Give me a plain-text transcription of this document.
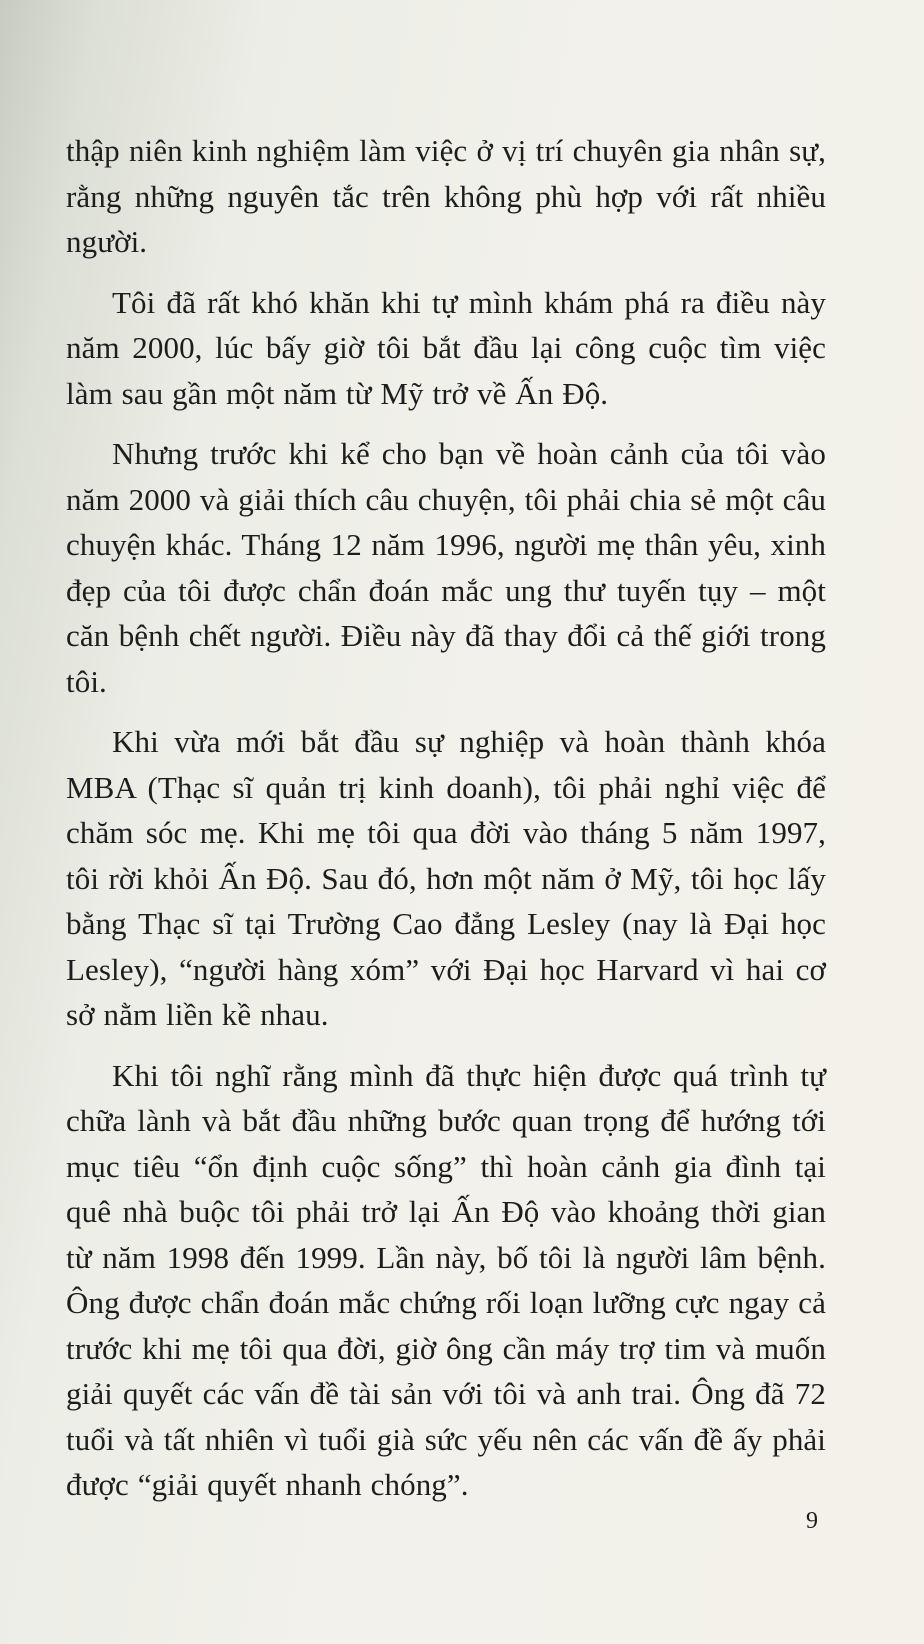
thập niên kinh nghiệm làm việc ở vị trí chuyên gia nhân sự, rằng những nguyên tắc trên không phù hợp với rất nhiều người.

Tôi đã rất khó khăn khi tự mình khám phá ra điều này năm 2000, lúc bấy giờ tôi bắt đầu lại công cuộc tìm việc làm sau gần một năm từ Mỹ trở về Ấn Độ.

Nhưng trước khi kể cho bạn về hoàn cảnh của tôi vào năm 2000 và giải thích câu chuyện, tôi phải chia sẻ một câu chuyện khác. Tháng 12 năm 1996, người mẹ thân yêu, xinh đẹp của tôi được chẩn đoán mắc ung thư tuyến tụy – một căn bệnh chết người. Điều này đã thay đổi cả thế giới trong tôi.

Khi vừa mới bắt đầu sự nghiệp và hoàn thành khóa MBA (Thạc sĩ quản trị kinh doanh), tôi phải nghỉ việc để chăm sóc mẹ. Khi mẹ tôi qua đời vào tháng 5 năm 1997, tôi rời khỏi Ấn Độ. Sau đó, hơn một năm ở Mỹ, tôi học lấy bằng Thạc sĩ tại Trường Cao đẳng Lesley (nay là Đại học Lesley), “người hàng xóm” với Đại học Harvard vì hai cơ sở nằm liền kề nhau.

Khi tôi nghĩ rằng mình đã thực hiện được quá trình tự chữa lành và bắt đầu những bước quan trọng để hướng tới mục tiêu “ổn định cuộc sống” thì hoàn cảnh gia đình tại quê nhà buộc tôi phải trở lại Ấn Độ vào khoảng thời gian từ năm 1998 đến 1999. Lần này, bố tôi là người lâm bệnh. Ông được chẩn đoán mắc chứng rối loạn lưỡng cực ngay cả trước khi mẹ tôi qua đời, giờ ông cần máy trợ tim và muốn giải quyết các vấn đề tài sản với tôi và anh trai. Ông đã 72 tuổi và tất nhiên vì tuổi già sức yếu nên các vấn đề ấy phải được “giải quyết nhanh chóng”.

9
